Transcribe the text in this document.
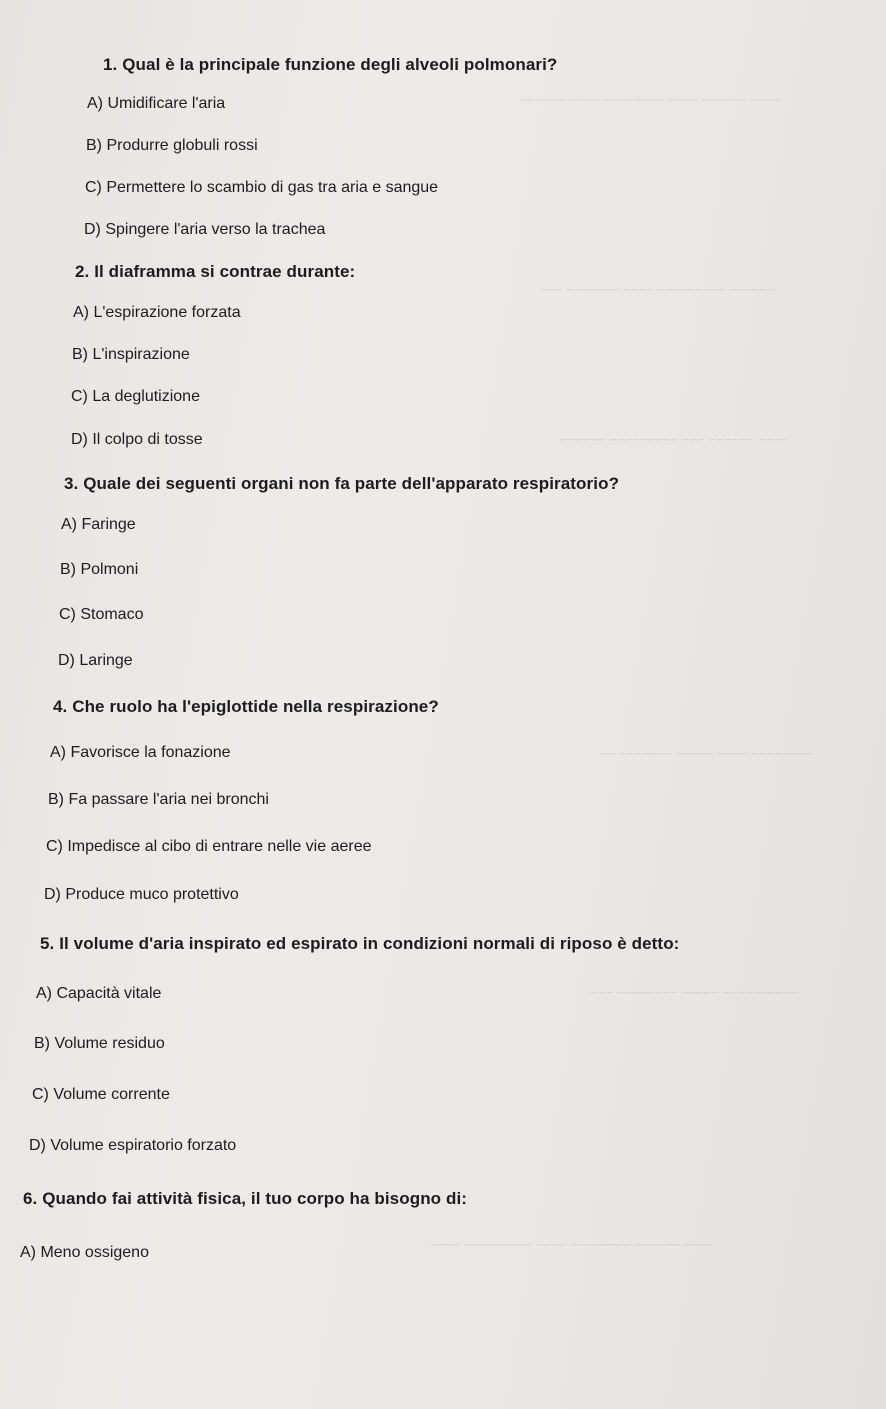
~~~~ ~~~~~~ ~~~~ ~~~~~~~~ ~~~~ ~~~~~~
~~~~~~ ~~~~~~~~~ ~~~~ ~~~~~~~ ~~~
~~~~ ~~~~~~ ~~~ ~~~~~~~~~ ~~~~~~
~~~~~~~~ ~~~~ ~~~~~ ~~~~~~~ ~~
~~~~~~~~~~ ~~~~~ ~~~~~~~~ ~~~
~~~~ ~~~~~~ ~~~~~~~~ ~~~~ ~~~~~~~~~ ~~~~

1. Qual è la principale funzione degli alveoli polmonari?

A) Umidificare l'aria

B) Produrre globuli rossi

C) Permettere lo scambio di gas tra aria e sangue

D) Spingere l'aria verso la trachea

2. Il diaframma si contrae durante:

A) L'espirazione forzata

B) L'inspirazione

C) La deglutizione

D) Il colpo di tosse

3. Quale dei seguenti organi non fa parte dell'apparato respiratorio?

A) Faringe

B) Polmoni

C) Stomaco

D) Laringe

4. Che ruolo ha l'epiglottide nella respirazione?

A) Favorisce la fonazione

B) Fa passare l'aria nei bronchi

C) Impedisce al cibo di entrare nelle vie aeree

D) Produce muco protettivo

5. Il volume d'aria inspirato ed espirato in condizioni normali di riposo è detto:

A) Capacità vitale

B) Volume residuo

C) Volume corrente

D) Volume espiratorio forzato

6. Quando fai attività fisica, il tuo corpo ha bisogno di:

A) Meno ossigeno
